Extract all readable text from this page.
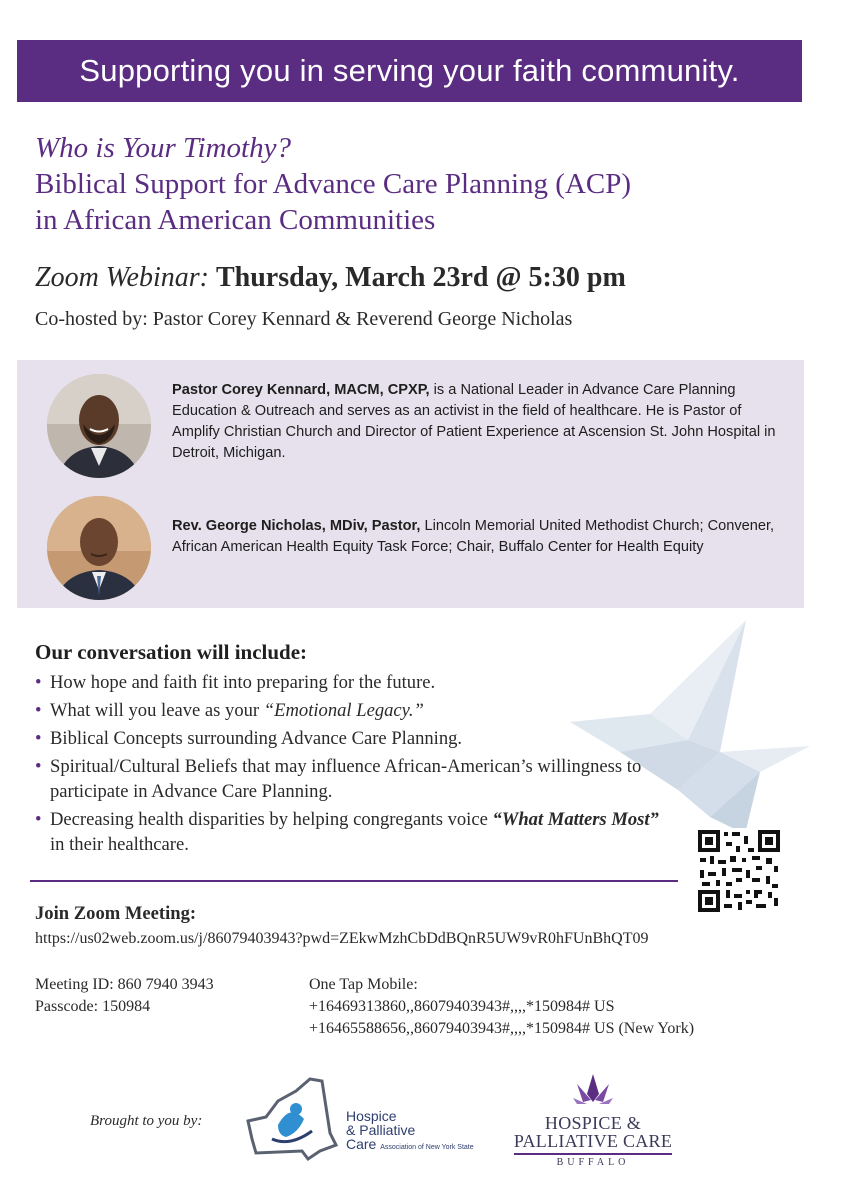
Supporting you in serving your faith community.
Who is Your Timothy?
Biblical Support for Advance Care Planning (ACP)
in African American Communities
Zoom Webinar: Thursday, March 23rd @ 5:30 pm
Co-hosted by: Pastor Corey Kennard & Reverend George Nicholas
Pastor Corey Kennard, MACM, CPXP, is a National Leader in Advance Care Planning Education & Outreach and serves as an activist in the field of healthcare. He is Pastor of Amplify Christian Church and Director of Patient Experience at Ascension St. John Hospital in Detroit, Michigan.
Rev. George Nicholas, MDiv, Pastor, Lincoln Memorial United Methodist Church; Convener, African American Health Equity Task Force; Chair, Buffalo Center for Health Equity
Our conversation will include:
• How hope and faith fit into preparing for the future.
• What will you leave as your “Emotional Legacy.”
• Biblical Concepts surrounding Advance Care Planning.
• Spiritual/Cultural Beliefs that may influence African-American’s willingness to participate in Advance Care Planning.
• Decreasing health disparities by helping congregants voice “What Matters Most” in their healthcare.
Join Zoom Meeting:
https://us02web.zoom.us/j/86079403943?pwd=ZEkwMzhCbDdBQnR5UW9vR0hFUnBhQT09
Meeting ID: 860 7940 3943
Passcode: 150984
One Tap Mobile:
+16469313860,,86079403943#,,,,*150984# US
+16465588656,,86079403943#,,,,*150984# US (New York)
Brought to you by:	Hospice
& Palliative
Care Association of New York State
HOSPICE &
PALLIATIVE CARE
BUFFALO
